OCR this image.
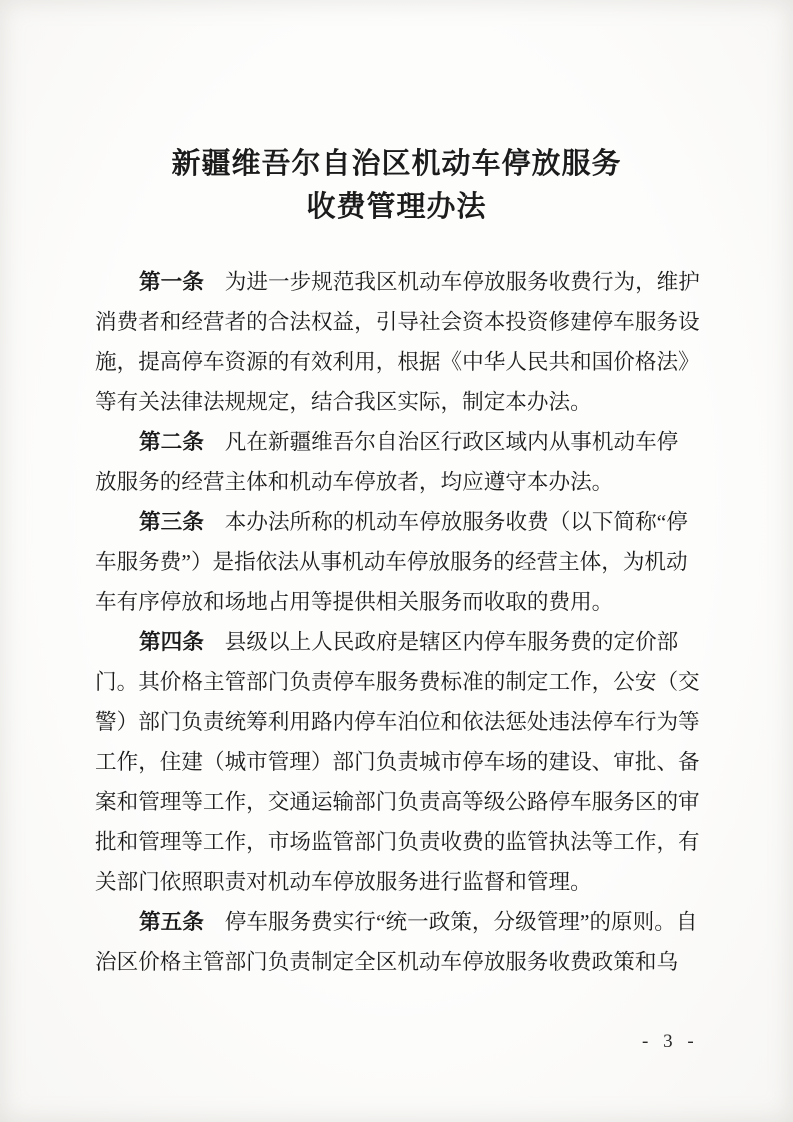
新疆维吾尔自治区机动车停放服务
收费管理办法
第一条 为进一步规范我区机动车停放服务收费行为，维护
消费者和经营者的合法权益，引导社会资本投资修建停车服务设
施，提高停车资源的有效利用，根据《中华人民共和国价格法》
等有关法律法规规定，结合我区实际，制定本办法。
第二条 凡在新疆维吾尔自治区行政区域内从事机动车停
放服务的经营主体和机动车停放者，均应遵守本办法。
第三条 本办法所称的机动车停放服务收费（以下简称“停
车服务费”）是指依法从事机动车停放服务的经营主体，为机动
车有序停放和场地占用等提供相关服务而收取的费用。
第四条 县级以上人民政府是辖区内停车服务费的定价部
门。其价格主管部门负责停车服务费标准的制定工作，公安（交
警）部门负责统筹利用路内停车泊位和依法惩处违法停车行为等
工作，住建（城市管理）部门负责城市停车场的建设、审批、备
案和管理等工作，交通运输部门负责高等级公路停车服务区的审
批和管理等工作，市场监管部门负责收费的监管执法等工作，有
关部门依照职责对机动车停放服务进行监督和管理。
第五条 停车服务费实行“统一政策，分级管理”的原则。自
治区价格主管部门负责制定全区机动车停放服务收费政策和乌
- 3 -
